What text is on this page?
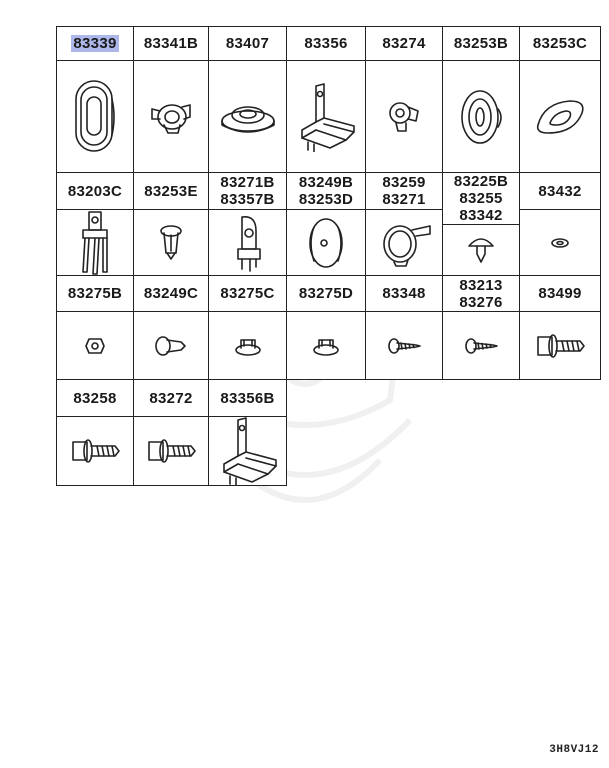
83339 83341B 83407 83356 83274 83253B 83253C
83203C 83253E 83271B
83357B
83249B
83253D
83259
83271
83225B
83255
83342
83432
83275B 83249C 83275C 83275D 83348 83213
83276 83499
83258 83272 83356B
3H8VJ12
